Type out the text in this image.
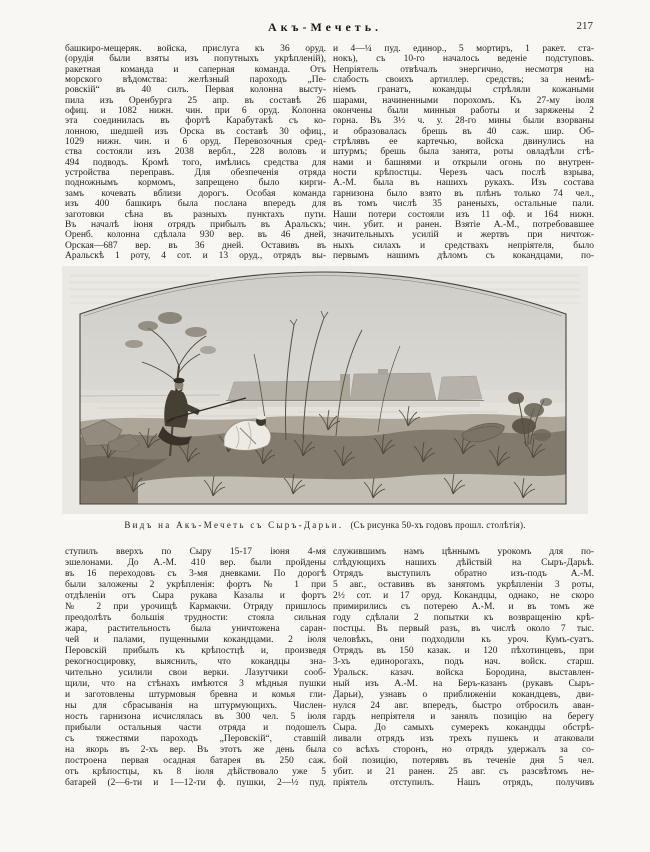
Акъ-Мечеть.	217
башкиро-мещеряк. войска, прислуга къ 36 оруд.
(орудія были взяты изъ попутныхъ укрѣпленій),
ракетная команда и саперная команда. Отъ
морского вѣдомства: желѣзный пароходъ „Пе-
ровскій“ въ 40 силъ. Первая колонна высту-
пила изъ Оренбурга 25 апр. въ составѣ 26
офиц. и 1082 нижн. чин. при 6 оруд. Колонна
эта соединилась въ фортѣ Карабутакѣ съ ко-
лонною, шедшей изъ Орска въ составѣ 30 офиц.,
1029 нижн. чин. и 6 оруд. Перевозочныя сред-
ства состояли изъ 2038 вербл., 228 воловъ и
494 подводъ. Кромѣ того, имѣлись средства для
устройства переправъ. Для обезпеченія отряда
подножнымъ кормомъ, запрещено было кирги-
замъ кочевать вблизи дорогъ. Особая команда
изъ 400 башкиръ была послана впередъ для
заготовки сѣна въ разныхъ пунктахъ пути.
Въ началѣ іюня отрядъ прибылъ въ Аральскъ;
Оренб. колонна сдѣлала 930 вер. въ 46 дней,
Орская—687 вер. въ 36 дней. Оставивъ въ
Аральскѣ 1 роту, 4 сот. и 13 оруд., отрядъ вы-
и 4—¼ пуд. единор., 5 мортиръ, 1 ракет. ста-
нокъ), съ 10-го началось веденіе подступовъ.
Непріятель отвѣчалъ энергично, несмотря на
слабость своихъ артиллер. средствъ; за неимѣ-
ніемъ гранатъ, кокандцы стрѣляли кожаными
шарами, начиненными порохомъ. Къ 27-му іюля
окончены были минныя работы и заряжены 2
горна. Въ 3½ ч. у. 28-го мины были взорваны
и образовалась брешь въ 40 саж. шир. Об-
стрѣлявъ ее картечью, войска двинулись на
штурмъ; брешь была занята, роты овладѣли стѣ-
нами и башнями и открыли огонь по внутрен-
ности крѣпостцы. Черезъ часъ послѣ взрыва,
А.-М. была въ нашихъ рукахъ. Изъ состава
гарнизона было взято въ плѣнъ только 74 чел.,
въ томъ числѣ 35 раненыхъ, остальные пали.
Наши потери состояли изъ 11 оф. и 164 нижн.
чин. убит. и ранен. Взятіе А.-М., потребовавшее
значительныхъ усилій и жертвъ при ничтож-
ныхъ силахъ и средствахъ непріятеля, было
первымъ нашимъ дѣломъ съ кокандцами, по-
Видъ на Акъ-Мечеть съ Сыръ-Дарьи. (Съ рисунка 50-хъ годовъ прошл. столѣтія).
ступилъ вверхъ по Сыру 15-17 іюня 4-мя
эшелонами. До А.-М. 410 вер. были пройдены
въ 16 переходовъ съ 3-мя дневками. По дорогѣ
были заложены 2 укрѣпленія: фортъ № 1 при
отдѣленіи отъ Сыра рукава Казалы и фортъ
№ 2 при урочищѣ Кармакчи. Отряду пришлось
преодолѣть большія трудности: стояла сильная
жара, растительность была уничтожена саран-
чей и палами, пущенными кокандцами. 2 іюля
Перовскій прибылъ къ крѣпостцѣ и, произведя
рекогносцировку, выяснилъ, что кокандцы зна-
чительно усилили свои верки. Лазутчики сооб-
щили, что на стѣнахъ имѣются 3 мѣдныя пушки
и заготовлены штурмовыя бревна и комья гли-
ны для сбрасыванія на штурмующихъ. Числен-
ность гарнизона исчислялась въ 300 чел. 5 іюля
прибыли остальныя части отряда и подошелъ
съ тяжестями пароходъ „Перовскій“, ставшій
на якорь въ 2-хъ вер. Въ этотъ же день была
построена первая осадная батарея въ 250 саж.
отъ крѣпостцы, къ 8 іюля дѣйствовало уже 5
батарей (2—6-ти и 1—12-ти ф. пушки, 2—½ пуд.
служившимъ намъ цѣннымъ урокомъ для по-
слѣдующихъ нашихъ дѣйствій на Сыръ-Дарьѣ.
Отрядъ выступилъ обратно изъ-подъ А.-М.
5 авг., оставивъ въ занятомъ укрѣпленіи 3 роты,
2½ сот. и 17 оруд. Кокандцы, однако, не скоро
примирились съ потерею А.-М. и въ томъ же
году сдѣлали 2 попытки къ возвращенію крѣ-
постцы. Въ первый разъ, въ числѣ около 7 тыс.
человѣкъ, они подходили къ уроч. Кумъ-суатъ.
Отрядъ въ 150 казак. и 120 пѣхотинцевъ, при
3-хъ единорогахъ, подъ нач. войск. старш.
Уральск. казач. войска Бородина, выставлен-
ный изъ А.-М. на Беръ-казанъ (рукавъ Сыръ-
Дарьи), узнавъ о приближеніи кокандцевъ, дви-
нулся 24 авг. впередъ, быстро отбросилъ аван-
гардъ непріятеля и занялъ позицію на берегу
Сыра. До самыхъ сумерекъ кокандцы обстрѣ-
ливали отрядъ изъ трехъ пушекъ и атаковали
со всѣхъ сторонъ, но отрядъ удержалъ за со-
бой позицію, потерявъ въ теченіе дня 5 чел.
убит. и 21 ранен. 25 авг. съ разсвѣтомъ не-
пріятель отступилъ. Нашъ отрядъ, получивъ
